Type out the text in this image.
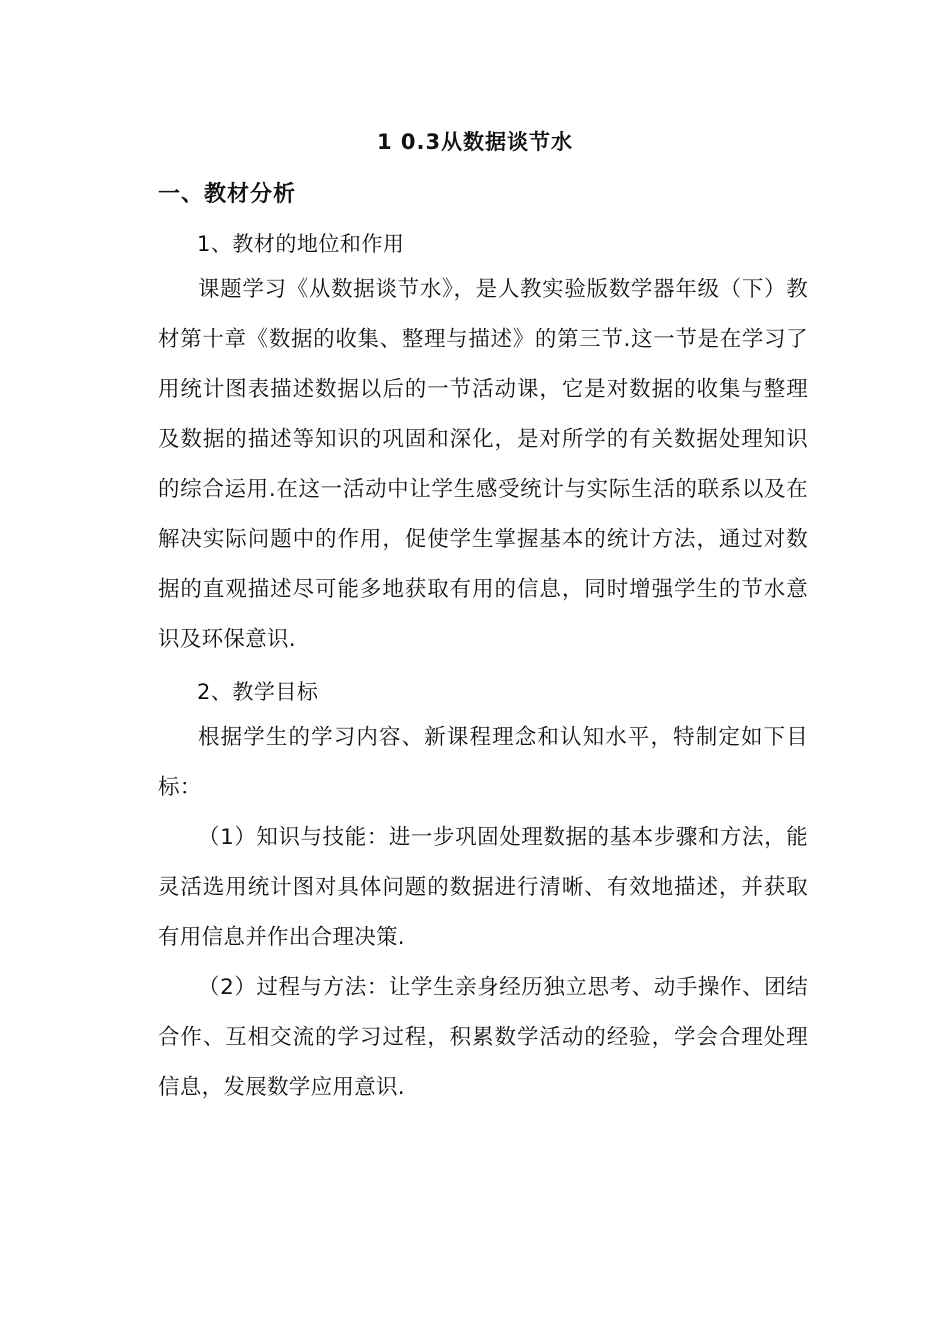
1 0.3从数据谈节水
一、教材分析
1、教材的地位和作用
课题学习《从数据谈节水》，是人教实验版数学器年级（下）教材第十章《数据的收集、整理与描述》的第三节.这一节是在学习了用统计图表描述数据以后的一节活动课，它是对数据的收集与整理及数据的描述等知识的巩固和深化，是对所学的有关数据处理知识的综合运用.在这一活动中让学生感受统计与实际生活的联系以及在解决实际问题中的作用，促使学生掌握基本的统计方法，通过对数据的直观描述尽可能多地获取有用的信息，同时增强学生的节水意识及环保意识.
2、教学目标
根据学生的学习内容、新课程理念和认知水平，特制定如下目标：
（1）知识与技能：进一步巩固处理数据的基本步骤和方法，能灵活选用统计图对具体问题的数据进行清晰、有效地描述，并获取有用信息并作出合理决策.
（2）过程与方法：让学生亲身经历独立思考、动手操作、团结合作、互相交流的学习过程，积累数学活动的经验，学会合理处理信息，发展数学应用意识.
